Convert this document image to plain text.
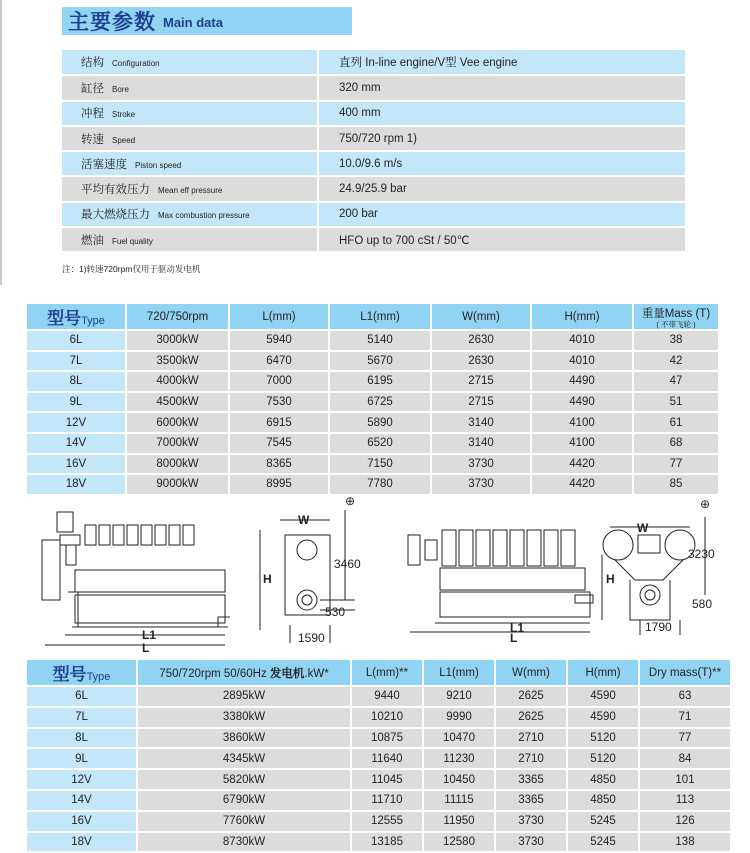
主要参数 Main data
结构 Configuration	直列 In-line engine/V型 Vee engine
缸径 Bore	320 mm
冲程 Stroke	400 mm
转速 Speed	750/720 rpm 1)
活塞速度 Piston speed	10.0/9.6 m/s
平均有效压力 Mean eff pressure	24.9/25.9 bar
最大燃烧压力 Max combustion pressure	200 bar
燃油 Fuel quality	HFO up to 700 cSt / 50℃
注：1)转速720rpm仅用于驱动发电机
型号Type	720/750rpm	L(mm)	L1(mm)	W(mm)	H(mm)	重量Mass (T)
( 不带飞轮 )

6L	3000kW	5940	5140	2630	4010	38
7L	3500kW	6470	5670	2630	4010	42
8L	4000kW	7000	6195	2715	4490	47
9L	4500kW	7530	6725	2715	4490	51
12V	6000kW	6915	5890	3140	4100	61
14V	7000kW	7545	6520	3140	4100	68
16V	8000kW	8365	7150	3730	4420	77
18V	9000kW	8995	7780	3730	4420	85
L1
L
⊕
W
H
3460
530
1590
L1
L
⊕
W
H
3230
580
1790
型号Type	750/720rpm 50/60Hz 发电机.kW*	L(mm)**	L1(mm)	W(mm)	H(mm)	Dry mass(T)**
6L	2895kW	9440	9210	2625	4590	63
7L	3380kW	10210	9990	2625	4590	71
8L	3860kW	10875	10470	2710	5120	77
9L	4345kW	11640	11230	2710	5120	84
12V	5820kW	11045	10450	3365	4850	101
14V	6790kW	11710	11115	3365	4850	113
16V	7760kW	12555	11950	3730	5245	126
18V	8730kW	13185	12580	3730	5245	138
